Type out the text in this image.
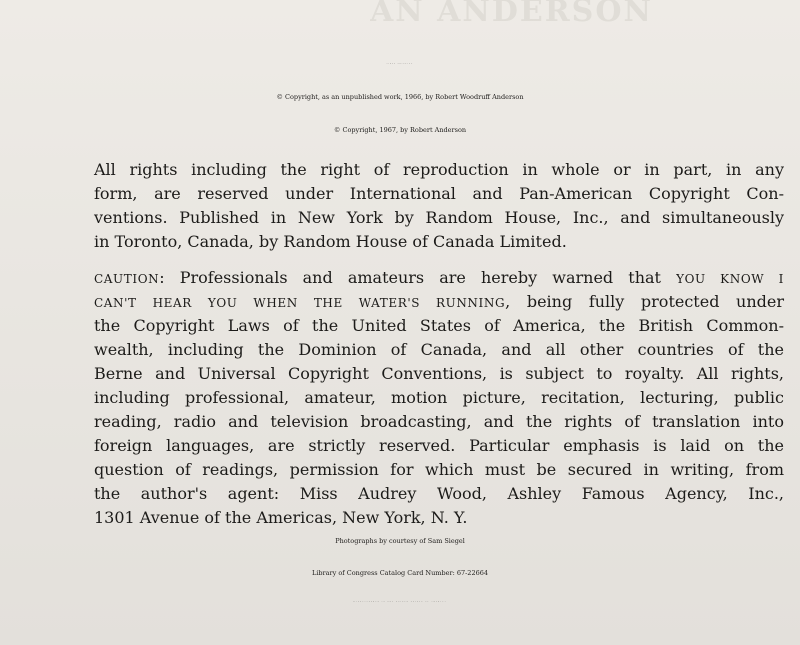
AN ANDERSON
FIRST PRINTING
© Copyright, as an unpublished work, 1966, by Robert Woodruff Anderson
© Copyright, 1967, by Robert Anderson
All rights including the right of reproduction in whole or in part, in any
form, are reserved under International and Pan-American Copyright Con-
ventions. Published in New York by Random House, Inc., and simultaneously
in Toronto, Canada, by Random House of Canada Limited.
CAUTION: Professionals and amateurs are hereby warned that YOU KNOW I
CAN'T HEAR YOU WHEN THE WATER'S RUNNING, being fully protected under
the Copyright Laws of the United States of America, the British Common-
wealth, including the Dominion of Canada, and all other countries of the
Berne and Universal Copyright Conventions, is subject to royalty. All rights,
including professional, amateur, motion picture, recitation, lecturing, public
reading, radio and television broadcasting, and the rights of translation into
foreign languages, are strictly reserved. Particular emphasis is laid on the
question of readings, permission for which must be secured in writing, from
the author's agent: Miss Audrey Wood, Ashley Famous Agency, Inc.,
1301 Avenue of the Americas, New York, N. Y.
Photographs by courtesy of Sam Siegel
Library of Congress Catalog Card Number: 67-22664
MANUFACTURED IN THE UNITED STATES OF AMERICA
